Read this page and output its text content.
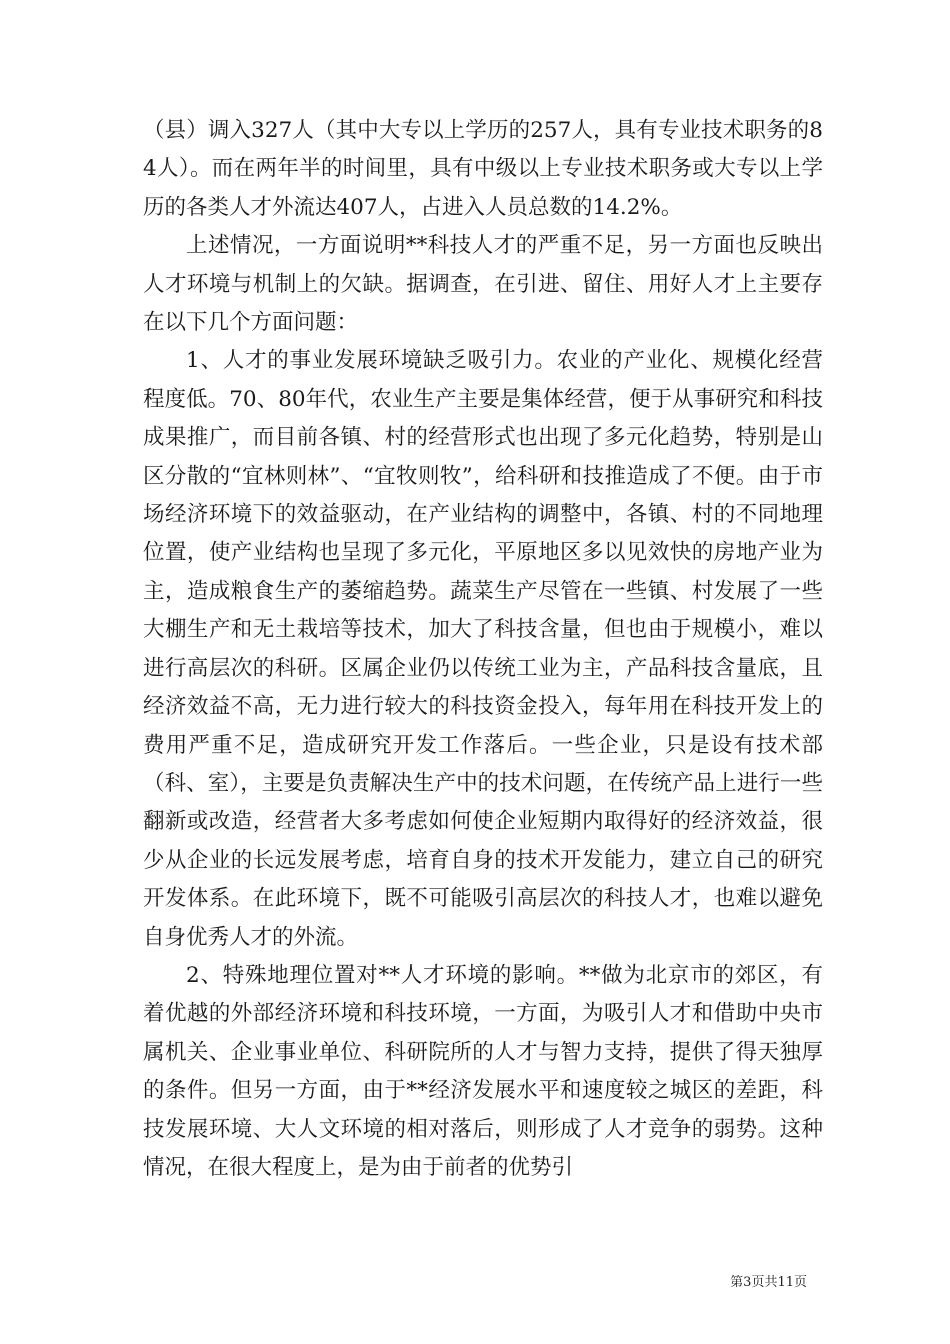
（县）调入327人（其中大专以上学历的257人，具有专业技术职务的84人）。而在两年半的时间里，具有中级以上专业技术职务或大专以上学历的各类人才外流达407人，占进入人员总数的14.2%。

上述情况，一方面说明**科技人才的严重不足，另一方面也反映出人才环境与机制上的欠缺。据调查，在引进、留住、用好人才上主要存在以下几个方面问题：

1、人才的事业发展环境缺乏吸引力。农业的产业化、规模化经营程度低。70、80年代，农业生产主要是集体经营，便于从事研究和科技成果推广，而目前各镇、村的经营形式也出现了多元化趋势，特别是山区分散的“宜林则林”、“宜牧则牧”，给科研和技推造成了不便。由于市场经济环境下的效益驱动，在产业结构的调整中，各镇、村的不同地理位置，使产业结构也呈现了多元化，平原地区多以见效快的房地产业为主，造成粮食生产的萎缩趋势。蔬菜生产尽管在一些镇、村发展了一些大棚生产和无土栽培等技术，加大了科技含量，但也由于规模小，难以进行高层次的科研。区属企业仍以传统工业为主，产品科技含量底，且经济效益不高，无力进行较大的科技资金投入，每年用在科技开发上的费用严重不足，造成研究开发工作落后。一些企业，只是设有技术部（科、室），主要是负责解决生产中的技术问题，在传统产品上进行一些翻新或改造，经营者大多考虑如何使企业短期内取得好的经济效益，很少从企业的长远发展考虑，培育自身的技术开发能力，建立自己的研究开发体系。在此环境下，既不可能吸引高层次的科技人才，也难以避免自身优秀人才的外流。

2、特殊地理位置对**人才环境的影响。**做为北京市的郊区，有着优越的外部经济环境和科技环境，一方面，为吸引人才和借助中央市属机关、企业事业单位、科研院所的人才与智力支持，提供了得天独厚的条件。但另一方面，由于**经济发展水平和速度较之城区的差距，科技发展环境、大人文环境的相对落后，则形成了人才竞争的弱势。这种情况，在很大程度上，是为由于前者的优势引

第3页共11页
